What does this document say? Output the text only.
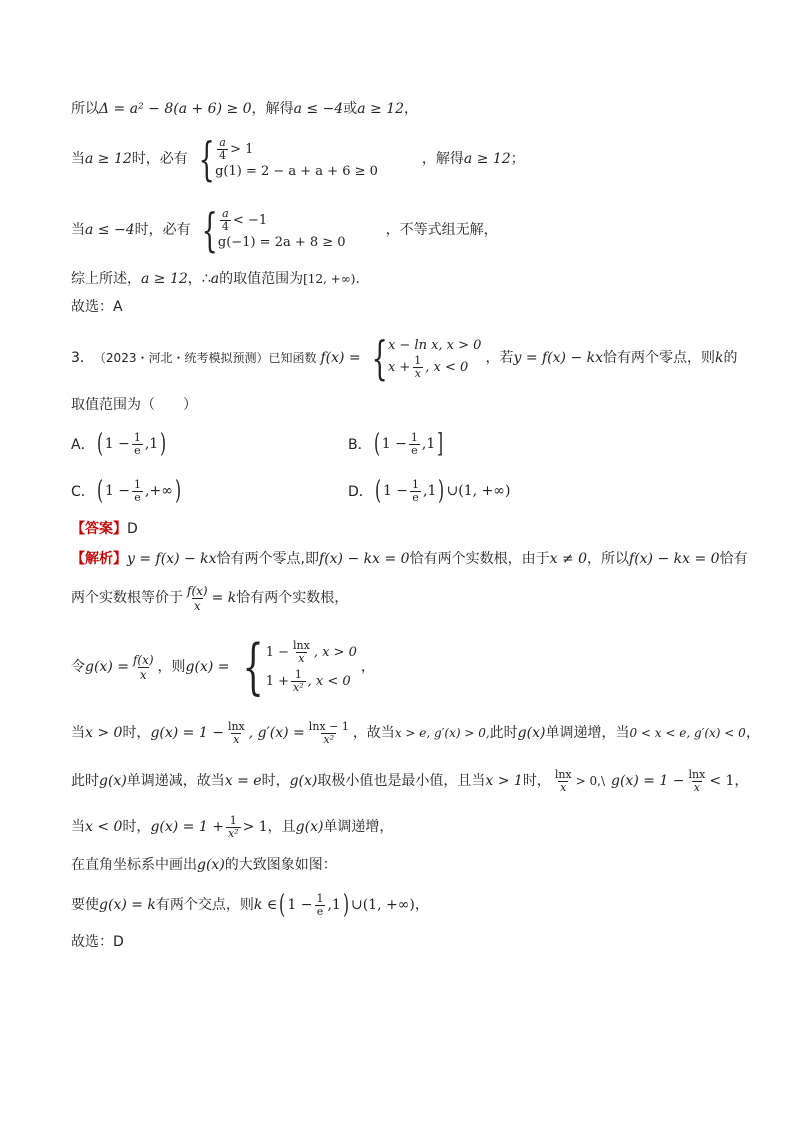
所以 Δ = a² − 8(a + 6) ≥ 0 ，解得 a ≤ −4 或 a ≥ 12 ，
当 a ≥ 12 时，必有 { $\frac{a}{4} > 1$
g(1) = 2 − a + a + 6 ≥ 0
，解得 a ≥ 12 ；
当 a ≤ −4 时，必有 { $\frac{a}{4} < -1$
g(−1) = 2a + 8 ≥ 0
，不等式组无解，
综上所述， a ≥ 12 ，∴ a 的取值范围为 [12, +∞) .
故选：A
3． （2023・河北・统考模拟预测）已知函数 f(x) = { x − ln x, x > 0
$x + \frac{1}{x}$ , x < 0
，若 y = f(x) − kx 恰有两个零点，则 k 的
取值范围为（　　）
A． ( $1 - \frac{1}{e}$ , 1 )	B． ( $1 - \frac{1}{e}$ , 1 ]
C． ( $1 - \frac{1}{e}$ , +∞ )	D． ( $1 - \frac{1}{e}$ , 1 ) ∪(1, +∞)
【答案】 D
【解析】 y = f(x) − kx 恰有两个零点,即 f(x) − kx = 0 恰有两个实数根，由于 x ≠ 0 ，所以 f(x) − kx = 0 恰有
两个实数根等价于 $\frac{f(x)}{x} = k$ 恰有两个实数根，
令 $g(x) = \frac{f(x)}{x}$ ，则 g(x) = { $1 - \frac{\ln x}{x}$ , x > 0
$1 + \frac{1}{\text{x²}}$ , x < 0
，
当 x > 0 时， $g(x) = 1 - \frac{\ln x}{x}$ , $g'(x) = \frac{\ln x - 1}{\text{x²}}$ ，故当 x > e, g′(x) > 0, 此时 g(x) 单调递增，当 0 < x < e, g′(x) < 0 ，
此时 g(x) 单调递减，故当 x = e 时， g(x) 取极小值也是最小值，且当 x > 1 时， $\frac{\ln x}{x}$ > 0,\ $g(x) = 1 - \frac{\ln x}{x} < 1$ ，
当 x < 0 时， $g(x) = 1 + \frac{1}{\text{x²}} > 1$ ，且 g(x) 单调递增，
在直角坐标系中画出 g(x) 的大致图象如图：
要使 g(x) = k 有两个交点，则 k ∈ ( $1 - \frac{1}{e}$ , 1 ) ∪(1, +∞) ，
故选：D
